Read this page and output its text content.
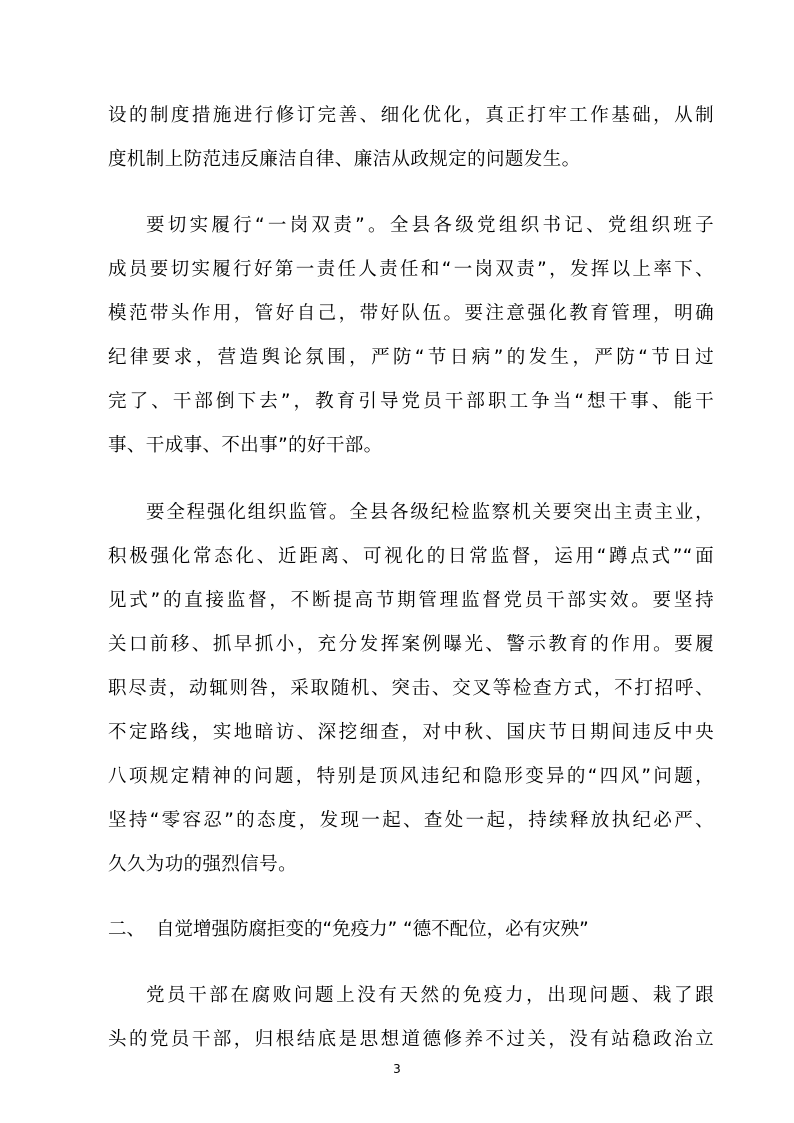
设的制度措施进行修订完善、细化优化，真正打牢工作基础，从制
度机制上防范违反廉洁自律、廉洁从政规定的问题发生。
要切实履行“一岗双责”。全县各级党组织书记、党组织班子
成员要切实履行好第一责任人责任和“一岗双责”，发挥以上率下、
模范带头作用，管好自己，带好队伍。要注意强化教育管理，明确
纪律要求，营造舆论氛围，严防“节日病”的发生，严防“节日过
完了、干部倒下去”，教育引导党员干部职工争当“想干事、能干
事、干成事、不出事”的好干部。
要全程强化组织监管。全县各级纪检监察机关要突出主责主业，
积极强化常态化、近距离、可视化的日常监督，运用“蹲点式”“面
见式”的直接监督，不断提高节期管理监督党员干部实效。要坚持
关口前移、抓早抓小，充分发挥案例曝光、警示教育的作用。要履
职尽责，动辄则咎，采取随机、突击、交叉等检查方式，不打招呼、
不定路线，实地暗访、深挖细查，对中秋、国庆节日期间违反中央
八项规定精神的问题，特别是顶风违纪和隐形变异的“四风”问题，
坚持“零容忍”的态度，发现一起、查处一起，持续释放执纪必严、
久久为功的强烈信号。
二、 自觉增强防腐拒变的“免疫力” “德不配位，必有灾殃”
党员干部在腐败问题上没有天然的免疫力，出现问题、栽了跟
头的党员干部，归根结底是思想道德修养不过关，没有站稳政治立
3
